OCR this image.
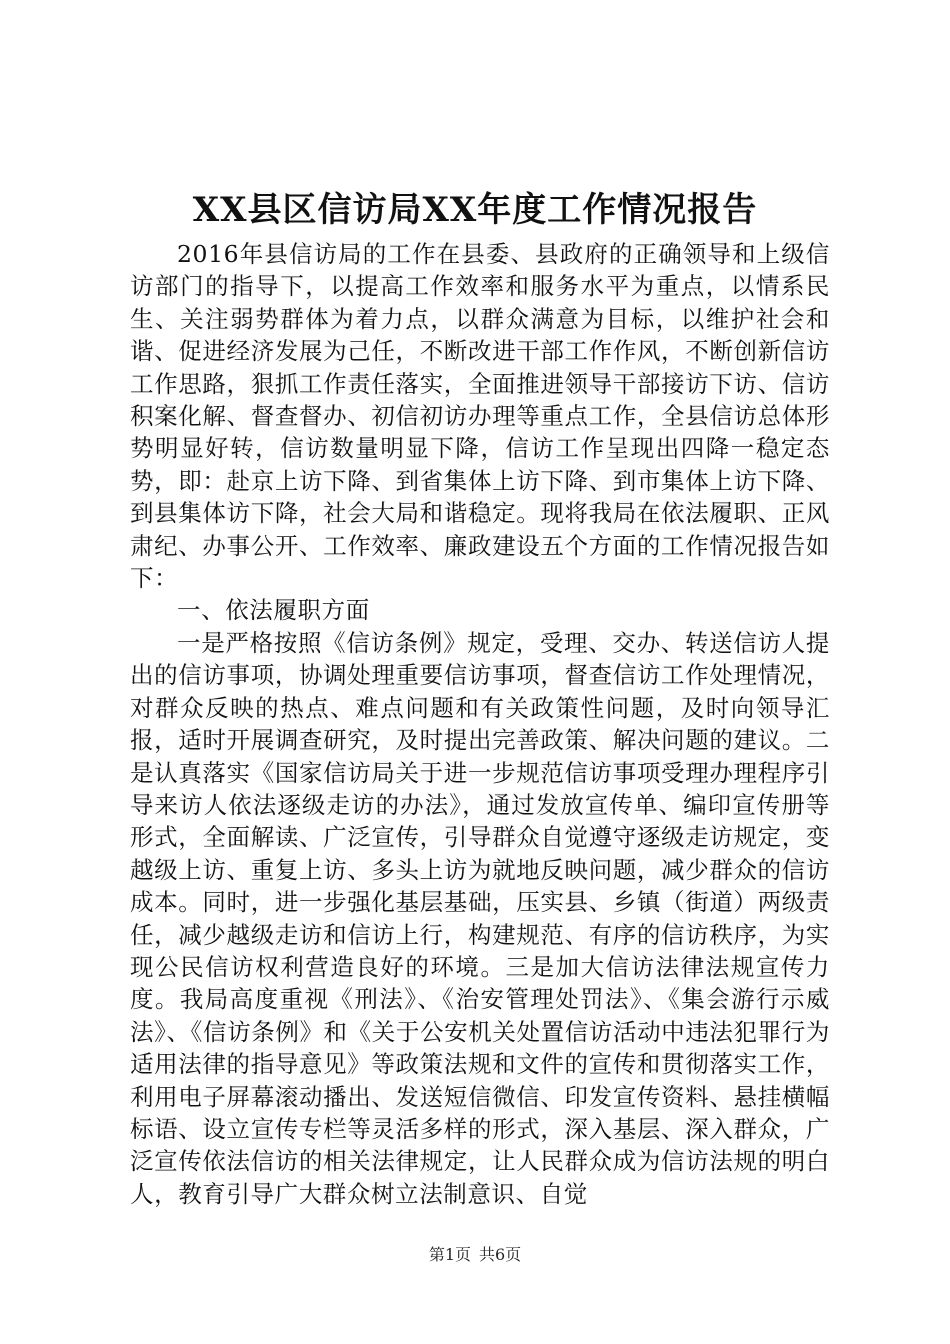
XX县区信访局XX年度工作情况报告

2016年县信访局的工作在县委、县政府的正确领导和上级信访部门的指导下，以提高工作效率和服务水平为重点，以情系民生、关注弱势群体为着力点，以群众满意为目标，以维护社会和谐、促进经济发展为己任，不断改进干部工作作风，不断创新信访工作思路，狠抓工作责任落实，全面推进领导干部接访下访、信访积案化解、督查督办、初信初访办理等重点工作，全县信访总体形势明显好转，信访数量明显下降，信访工作呈现出四降一稳定态势，即：赴京上访下降、到省集体上访下降、到市集体上访下降、到县集体访下降，社会大局和谐稳定。现将我局在依法履职、正风肃纪、办事公开、工作效率、廉政建设五个方面的工作情况报告如下：

一、依法履职方面

一是严格按照《信访条例》规定，受理、交办、转送信访人提出的信访事项，协调处理重要信访事项，督查信访工作处理情况，对群众反映的热点、难点问题和有关政策性问题，及时向领导汇报，适时开展调查研究，及时提出完善政策、解决问题的建议。二是认真落实《国家信访局关于进一步规范信访事项受理办理程序引导来访人依法逐级走访的办法》，通过发放宣传单、编印宣传册等形式，全面解读、广泛宣传，引导群众自觉遵守逐级走访规定，变越级上访、重复上访、多头上访为就地反映问题，减少群众的信访成本。同时，进一步强化基层基础，压实县、乡镇（街道）两级责任，减少越级走访和信访上行，构建规范、有序的信访秩序，为实现公民信访权利营造良好的环境。三是加大信访法律法规宣传力度。我局高度重视《刑法》、《治安管理处罚法》、《集会游行示威法》、《信访条例》和《关于公安机关处置信访活动中违法犯罪行为适用法律的指导意见》等政策法规和文件的宣传和贯彻落实工作，利用电子屏幕滚动播出、发送短信微信、印发宣传资料、悬挂横幅标语、设立宣传专栏等灵活多样的形式，深入基层、深入群众，广泛宣传依法信访的相关法律规定，让人民群众成为信访法规的明白人，教育引导广大群众树立法制意识、自觉

第1页 共6页
